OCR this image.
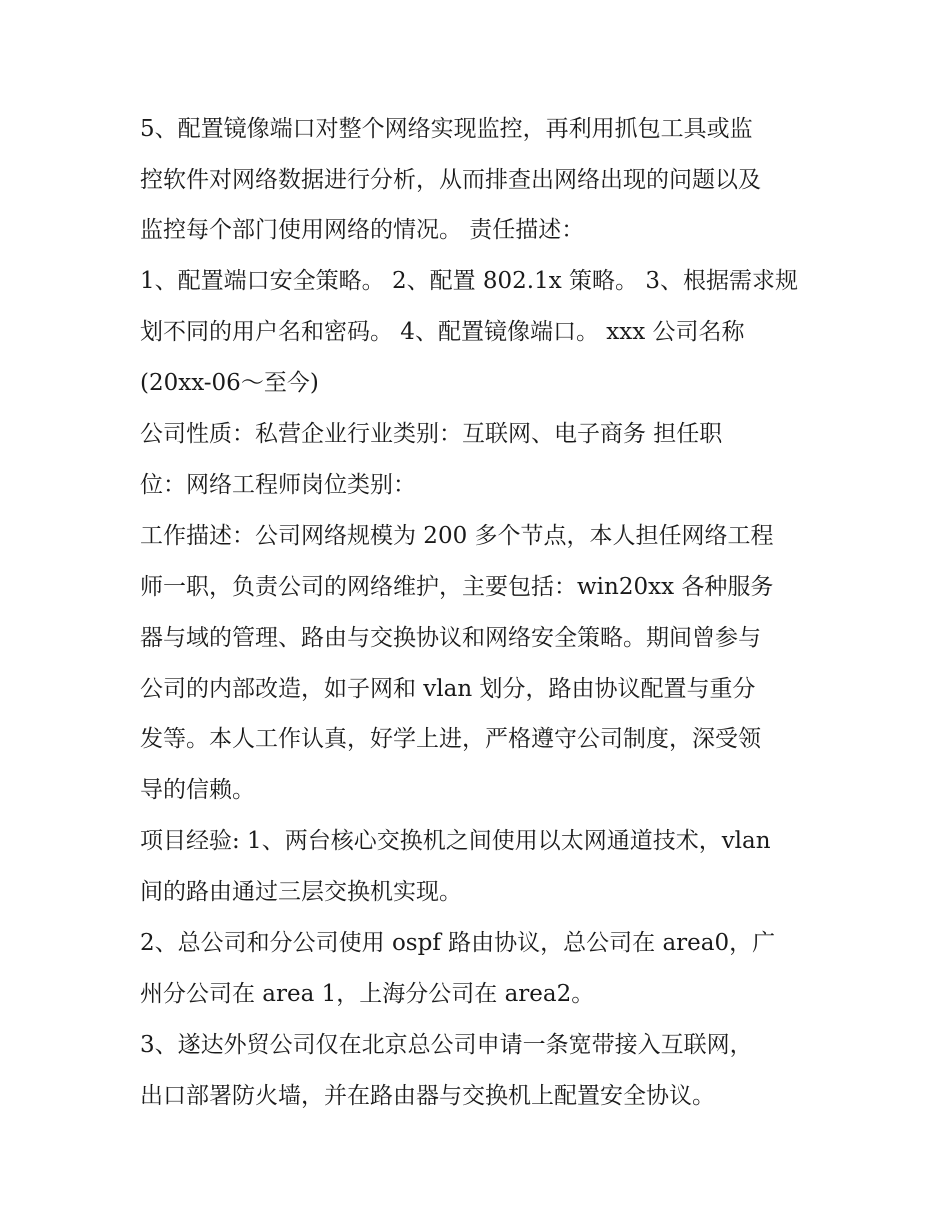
5、配置镜像端口对整个网络实现监控，再利用抓包工具或监
控软件对网络数据进行分析，从而排查出网络出现的问题以及
监控每个部门使用网络的情况。 责任描述：
1、配置端口安全策略。 2、配置 802.1x 策略。 3、根据需求规
划不同的用户名和密码。 4、配置镜像端口。 xxx 公司名称
(20xx-06～至今)
公司性质：私营企业行业类别：互联网、电子商务 担任职
位：网络工程师岗位类别：
工作描述：公司网络规模为 200 多个节点，本人担任网络工程
师一职，负责公司的网络维护，主要包括：win20xx 各种服务
器与域的管理、路由与交换协议和网络安全策略。期间曾参与
公司的内部改造，如子网和 vlan 划分，路由协议配置与重分
发等。本人工作认真，好学上进，严格遵守公司制度，深受领
导的信赖。
项目经验: 1、两台核心交换机之间使用以太网通道技术，vlan
间的路由通过三层交换机实现。
2、总公司和分公司使用 ospf 路由协议，总公司在 area0，广
州分公司在 area 1，上海分公司在 area2。
3、遂达外贸公司仅在北京总公司申请一条宽带接入互联网，
出口部署防火墙，并在路由器与交换机上配置安全协议。
